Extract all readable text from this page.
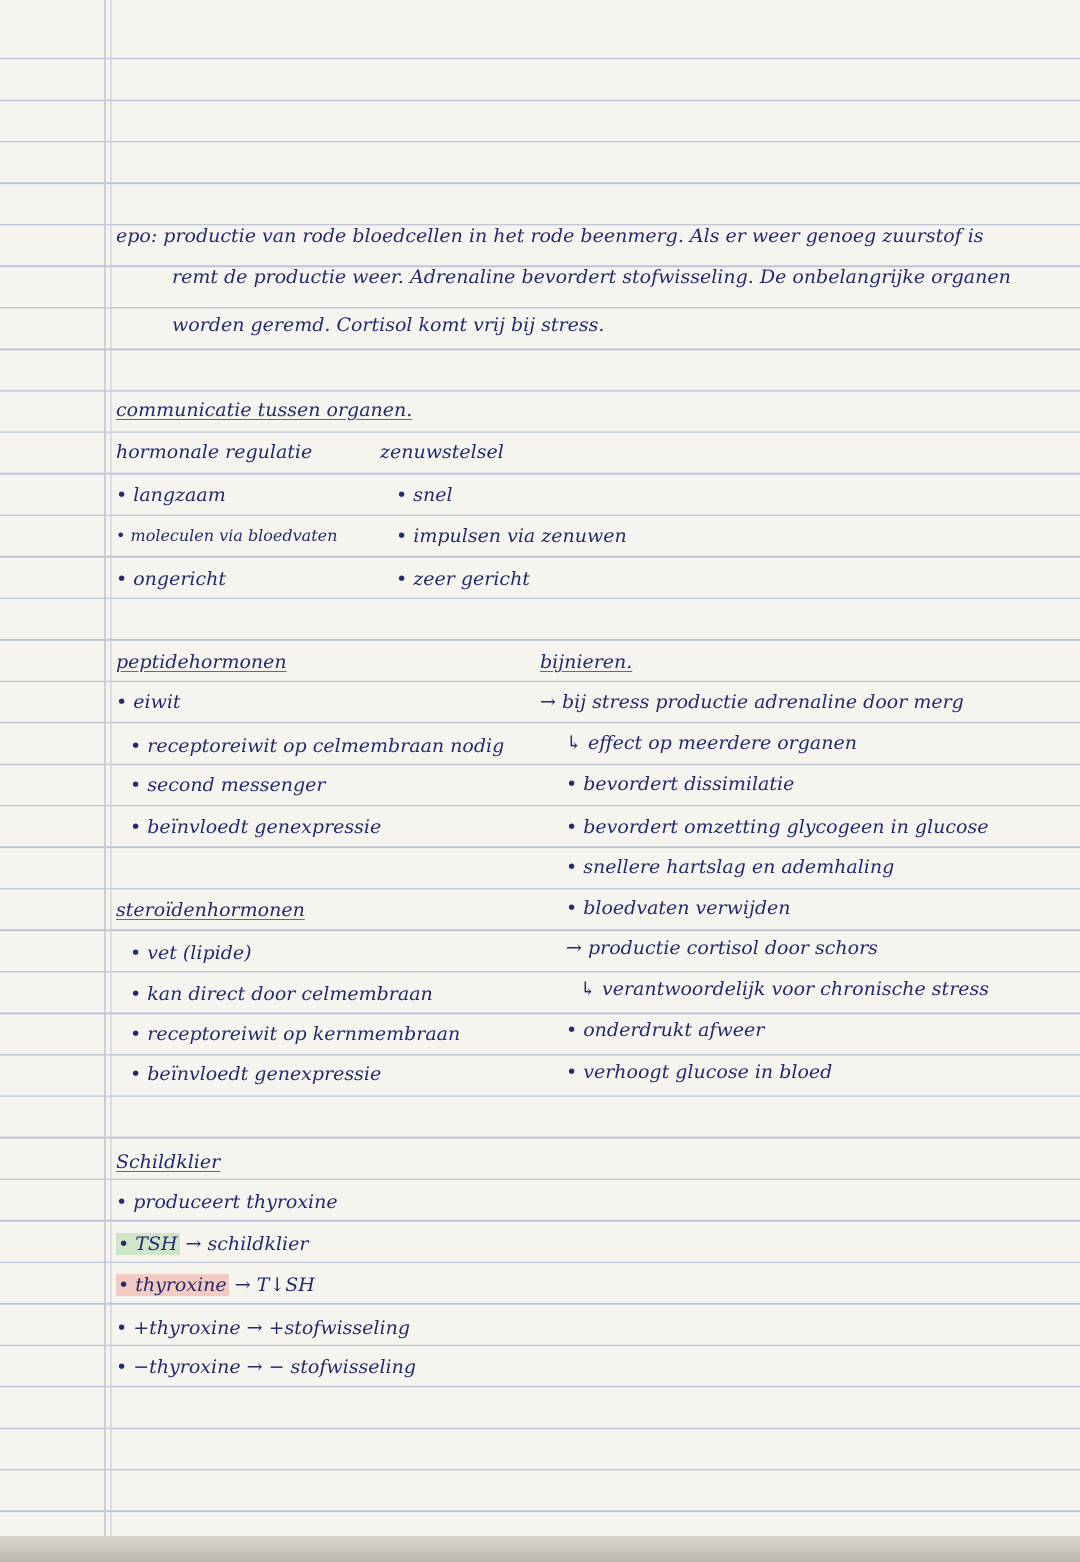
epo: productie van rode bloedcellen in het rode beenmerg. Als er weer genoeg zuurstof is
remt de productie weer. Adrenaline bevordert stofwisseling. De onbelangrijke organen
worden geremd. Cortisol komt vrij bij stress.
communicatie tussen organen.
hormonale regulatie	zenuwstelsel
• langzaam
• moleculen via bloedvaten
• ongericht
• snel
• impulsen via zenuwen
• zeer gericht
peptidehormonen
• eiwit
• receptoreiwit op celmembraan nodig
• second messenger
• beïnvloedt genexpressie
steroïdenhormonen
• vet (lipide)
• kan direct door celmembraan
• receptoreiwit op kernmembraan
• beïnvloedt genexpressie
bijnieren.
→ bij stress productie adrenaline door merg
↳ effect op meerdere organen
• bevordert dissimilatie
• bevordert omzetting glycogeen in glucose
• snellere hartslag en ademhaling
• bloedvaten verwijden
→ productie cortisol door schors
↳ verantwoordelijk voor chronische stress
• onderdrukt afweer
• verhoogt glucose in bloed
Schildklier
• produceert thyroxine
• TSH → schildklier
• thyroxine → T↓SH
• +thyroxine → +stofwisseling
• −thyroxine → − stofwisseling
